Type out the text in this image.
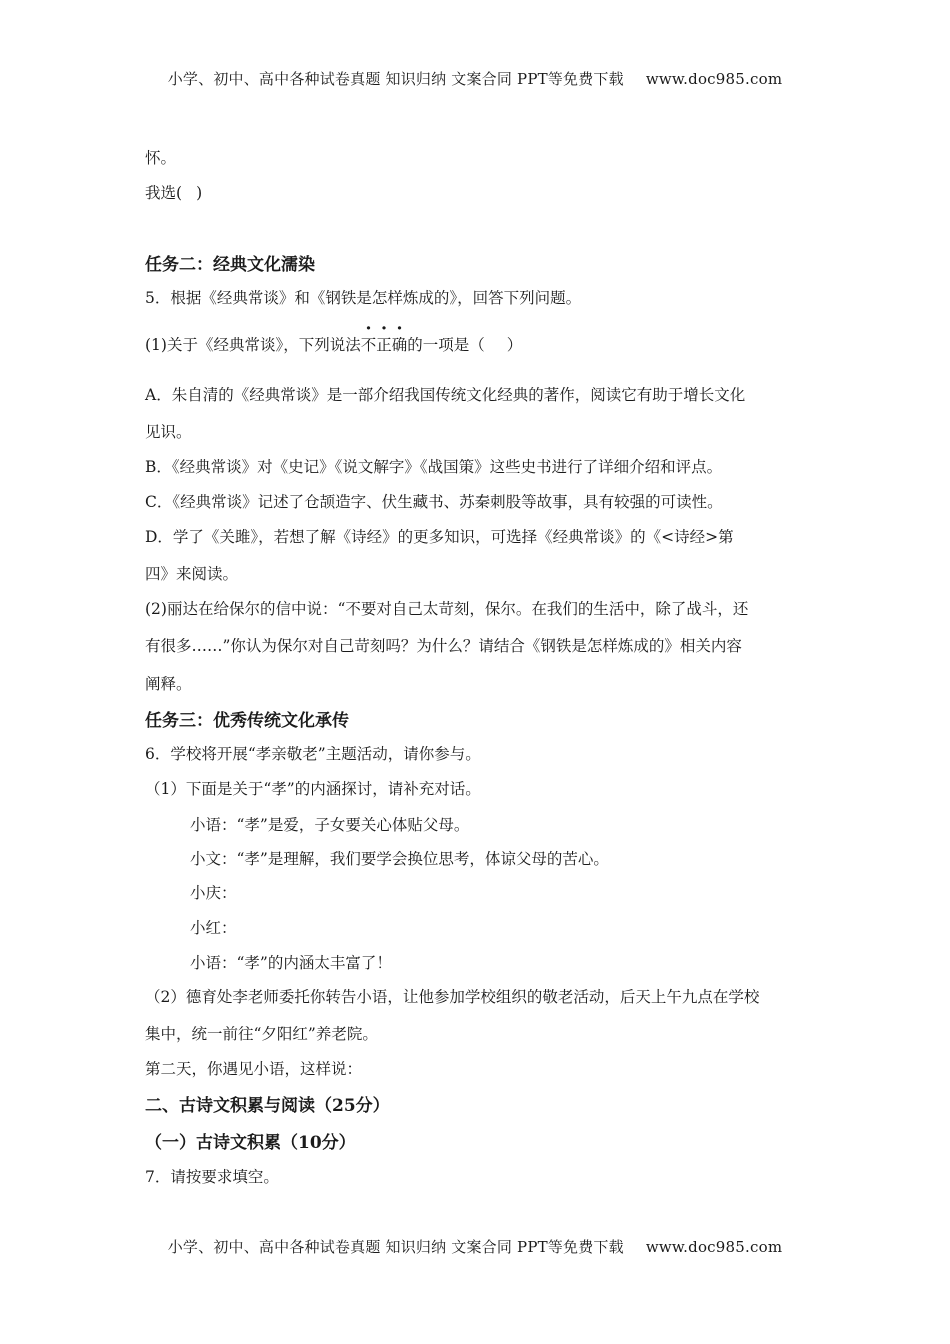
小学、初中、高中各种试卷真题 知识归纳 文案合同 PPT等免费下载 www.doc985.com
怀。
我选( )
任务二：经典文化濡染
5．根据《经典常谈》和《钢铁是怎样炼成的》，回答下列问题。
(1)关于《经典常谈》，下列说法不正确的一项是（ ）
A．朱自清的《经典常谈》是一部介绍我国传统文化经典的著作，阅读它有助于增长文化
见识。
B．《经典常谈》对《史记》《说文解字》《战国策》这些史书进行了详细介绍和评点。
C．《经典常谈》记述了仓颉造字、伏生藏书、苏秦刺股等故事，具有较强的可读性。
D．学了《关雎》，若想了解《诗经》的更多知识，可选择《经典常谈》的《<诗经>第
四》来阅读。
(2)丽达在给保尔的信中说：“不要对自己太苛刻，保尔。在我们的生活中，除了战斗，还
有很多……”你认为保尔对自己苛刻吗？为什么？请结合《钢铁是怎样炼成的》相关内容
阐释。
任务三：优秀传统文化承传
6．学校将开展“孝亲敬老”主题活动，请你参与。
（1）下面是关于“孝”的内涵探讨，请补充对话。
小语：“孝”是爱，子女要关心体贴父母。
小文：“孝”是理解，我们要学会换位思考，体谅父母的苦心。
小庆：
小红：
小语：“孝”的内涵太丰富了！
（2）德育处李老师委托你转告小语，让他参加学校组织的敬老活动，后天上午九点在学校
集中，统一前往“夕阳红”养老院。
第二天，你遇见小语，这样说：
二、古诗文积累与阅读（25分）
（一）古诗文积累（10分）
7．请按要求填空。
小学、初中、高中各种试卷真题 知识归纳 文案合同 PPT等免费下载 www.doc985.com
